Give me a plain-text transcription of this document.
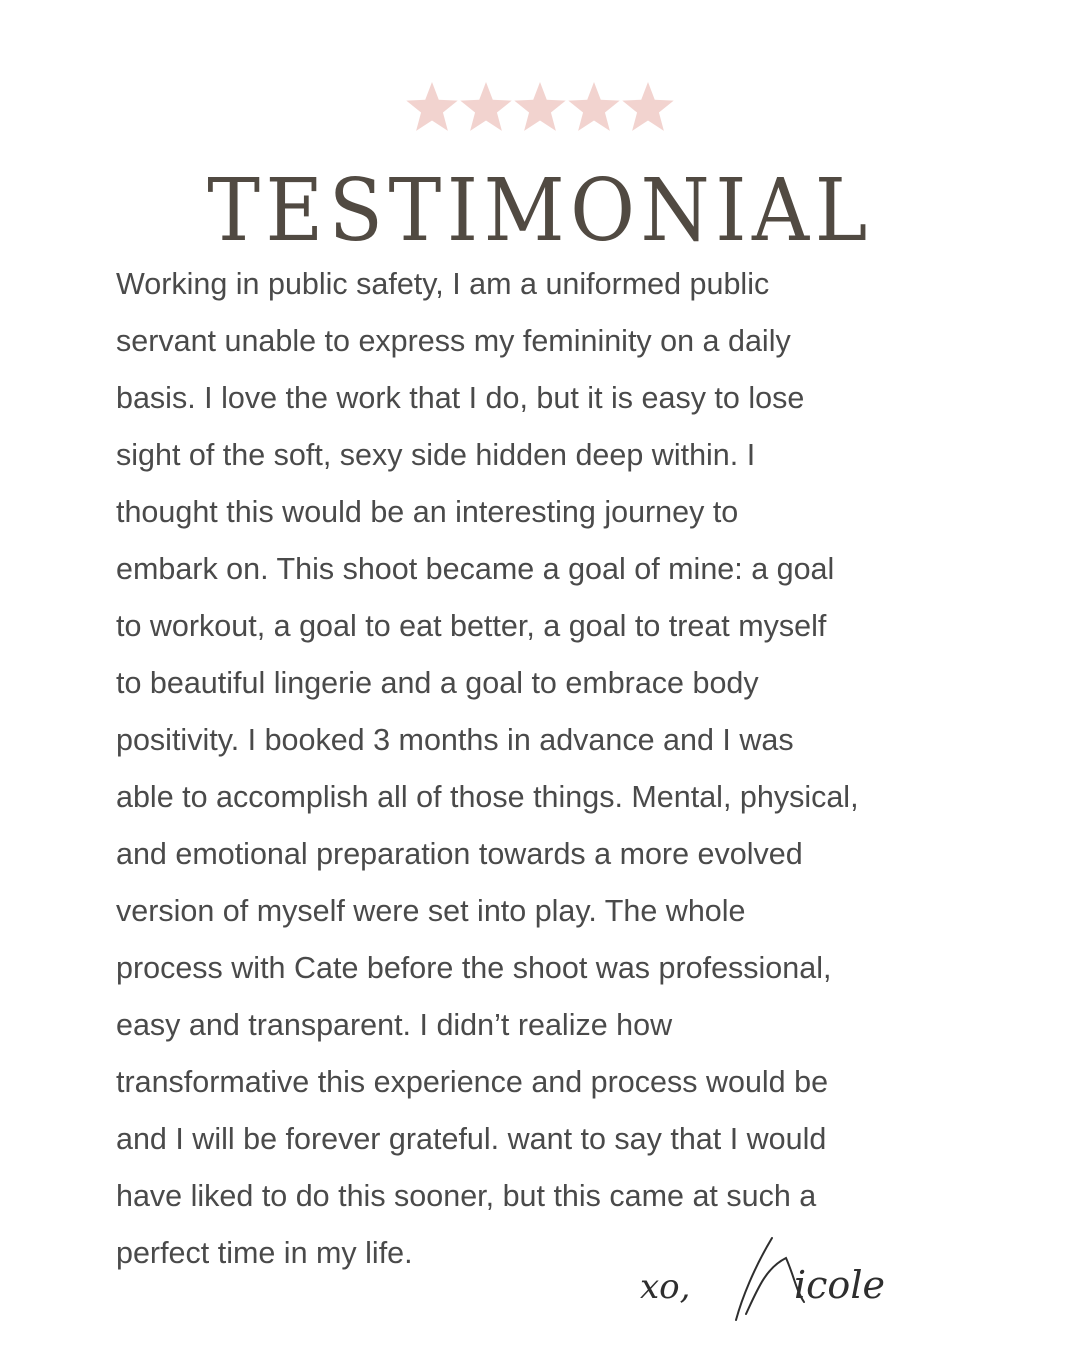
TESTIMONIAL
Working in public safety, I am a uniformed public
servant unable to express my femininity on a daily
basis. I love the work that I do, but it is easy to lose
sight of the soft, sexy side hidden deep within. I
thought this would be an interesting journey to
embark on. This shoot became a goal of mine: a goal
to workout, a goal to eat better, a goal to treat myself
to beautiful lingerie and a goal to embrace body
positivity. I booked 3 months in advance and I was
able to accomplish all of those things. Mental, physical,
and emotional preparation towards a more evolved
version of myself were set into play. The whole
process with Cate before the shoot was professional,
easy and transparent. I didn’t realize how
transformative this experience and process would be
and I will be forever grateful. want to say that I would
have liked to do this sooner, but this came at such a
perfect time in my life.
xo,	icole
